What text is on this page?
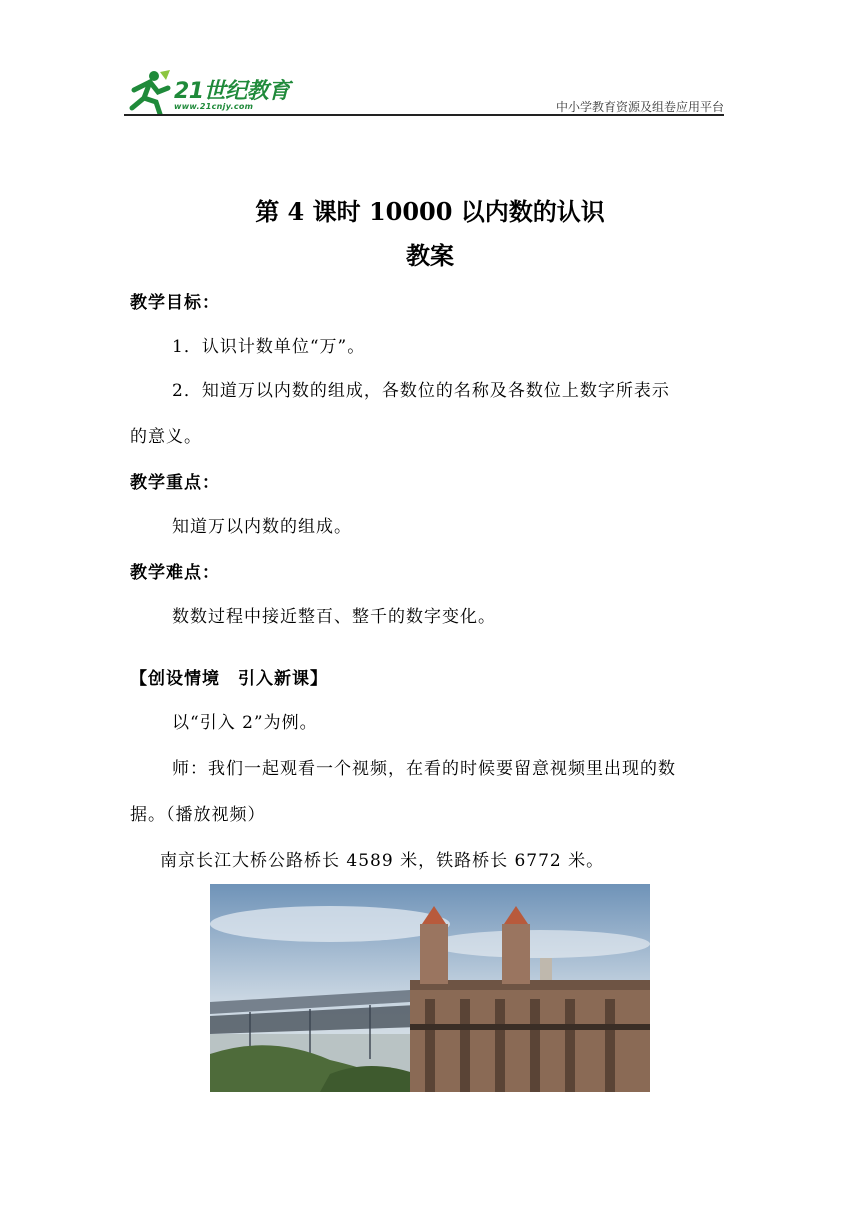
21世纪教育
www.21cnjy.com	中小学教育资源及组卷应用平台
第 4 课时 10000 以内数的认识
教案
教学目标：
1．认识计数单位“万”。
2．知道万以内数的组成，各数位的名称及各数位上数字所表示
的意义。
教学重点：
知道万以内数的组成。
教学难点：
数数过程中接近整百、整千的数字变化。
【创设情境　引入新课】
以“引入 2”为例。
师：我们一起观看一个视频，在看的时候要留意视频里出现的数
据。（播放视频）
南京长江大桥公路桥长 4589 米，铁路桥长 6772 米。
